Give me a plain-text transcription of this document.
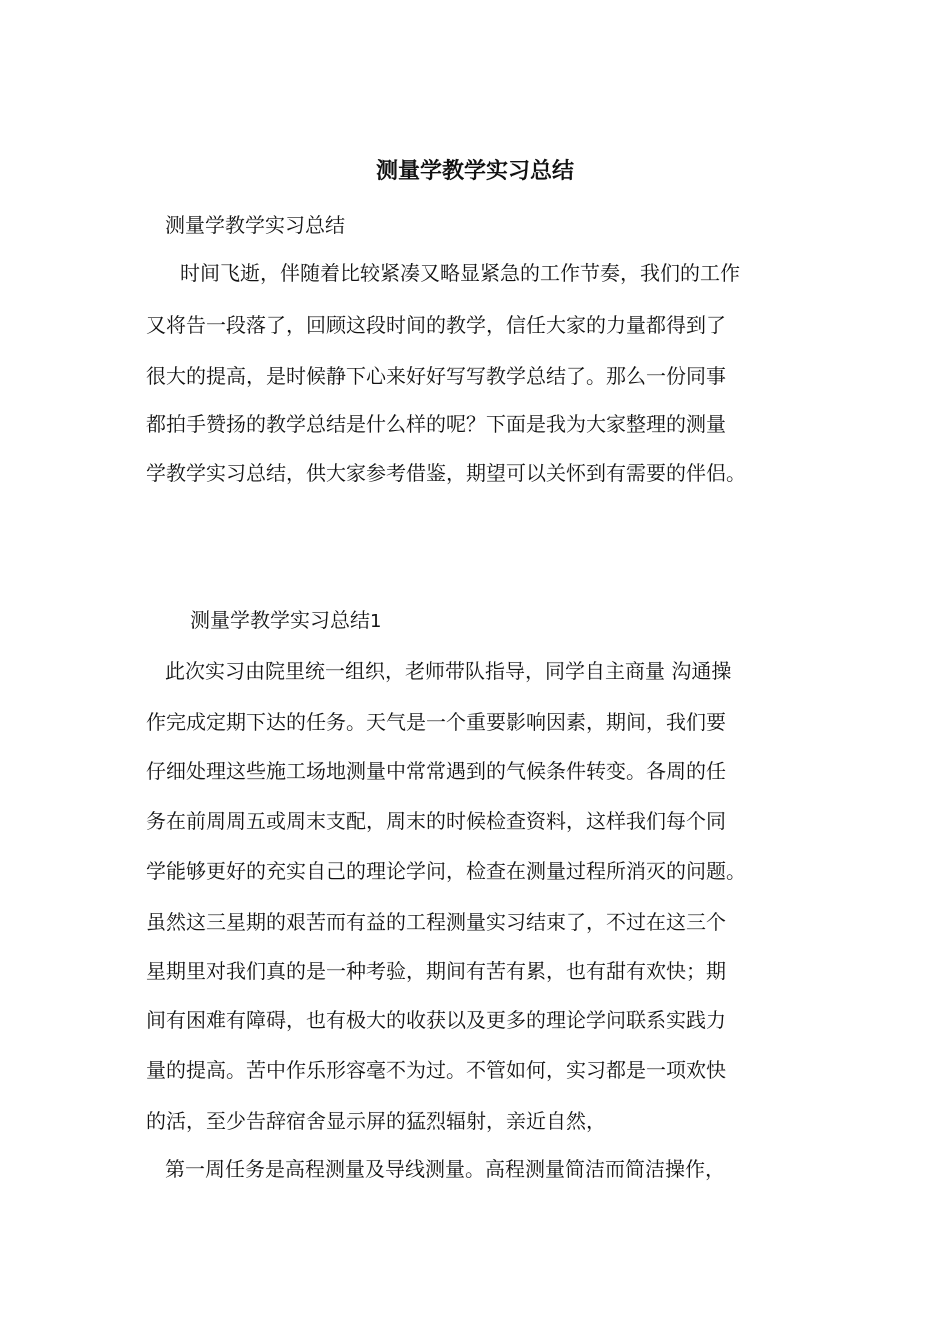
测量学教学实习总结
测量学教学实习总结
时间飞逝，伴随着比较紧凑又略显紧急的工作节奏，我们的工作
又将告一段落了，回顾这段时间的教学，信任大家的力量都得到了
很大的提高，是时候静下心来好好写写教学总结了。那么一份同事
都拍手赞扬的教学总结是什么样的呢？下面是我为大家整理的测量
学教学实习总结，供大家参考借鉴，期望可以关怀到有需要的伴侣。
测量学教学实习总结1
此次实习由院里统一组织，老师带队指导，同学自主商量 沟通操
作完成定期下达的任务。天气是一个重要影响因素，期间，我们要
仔细处理这些施工场地测量中常常遇到的气候条件转变。各周的任
务在前周周五或周末支配，周末的时候检查资料，这样我们每个同
学能够更好的充实自己的理论学问，检查在测量过程所消灭的问题。
虽然这三星期的艰苦而有益的工程测量实习结束了，不过在这三个
星期里对我们真的是一种考验，期间有苦有累，也有甜有欢快；期
间有困难有障碍，也有极大的收获以及更多的理论学问联系实践力
量的提高。苦中作乐形容毫不为过。不管如何，实习都是一项欢快
的活，至少告辞宿舍显示屏的猛烈辐射，亲近自然，
第一周任务是高程测量及导线测量。高程测量简洁而简洁操作，
